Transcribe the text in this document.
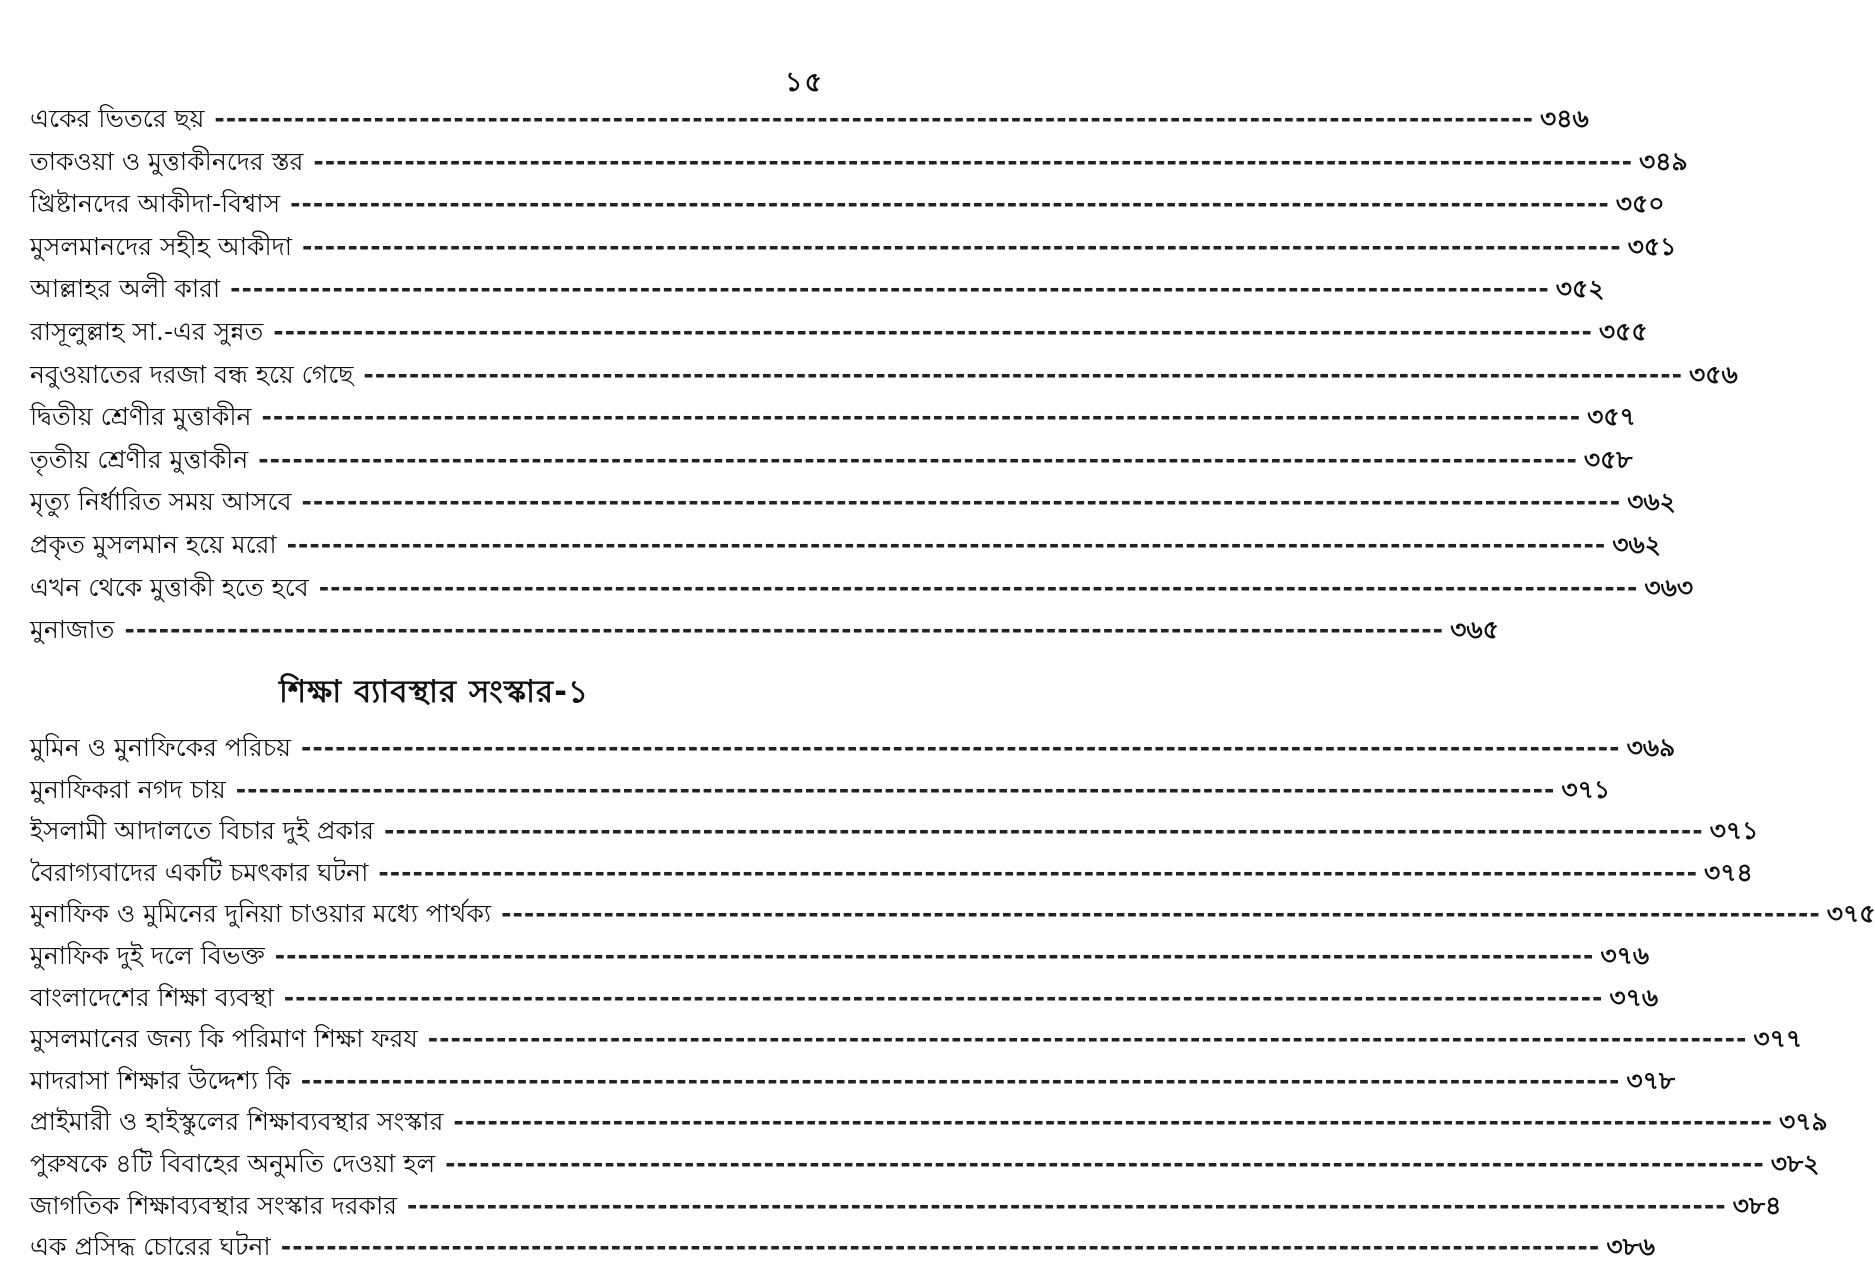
১৫
একের ভিতরে ছয় -------------------------------------------------------------------------------------------------------------------- ৩৪৬
তাকওয়া ও মুত্তাকীনদের স্তর -------------------------------------------------------------------------------------------------------------------- ৩৪৯
খ্রিষ্টানদের আকীদা-বিশ্বাস -------------------------------------------------------------------------------------------------------------------- ৩৫০
মুসলমানদের সহীহ আকীদা -------------------------------------------------------------------------------------------------------------------- ৩৫১
আল্লাহর অলী কারা -------------------------------------------------------------------------------------------------------------------- ৩৫২
রাসূলুল্লাহ সা.-এর সুন্নত -------------------------------------------------------------------------------------------------------------------- ৩৫৫
নবুওয়াতের দরজা বন্ধ হয়ে গেছে -------------------------------------------------------------------------------------------------------------------- ৩৫৬
দ্বিতীয় শ্রেণীর মুত্তাকীন -------------------------------------------------------------------------------------------------------------------- ৩৫৭
তৃতীয় শ্রেণীর মুত্তাকীন -------------------------------------------------------------------------------------------------------------------- ৩৫৮
মৃত্যু নির্ধারিত সময় আসবে -------------------------------------------------------------------------------------------------------------------- ৩৬২
প্রকৃত মুসলমান হয়ে মরো -------------------------------------------------------------------------------------------------------------------- ৩৬২
এখন থেকে মুত্তাকী হতে হবে -------------------------------------------------------------------------------------------------------------------- ৩৬৩
মুনাজাত -------------------------------------------------------------------------------------------------------------------- ৩৬৫
শিক্ষা ব্যাবস্থার সংস্কার-১
মুমিন ও মুনাফিকের পরিচয় -------------------------------------------------------------------------------------------------------------------- ৩৬৯
মুনাফিকরা নগদ চায় -------------------------------------------------------------------------------------------------------------------- ৩৭১
ইসলামী আদালতে বিচার দুই প্রকার -------------------------------------------------------------------------------------------------------------------- ৩৭১
বৈরাগ্যবাদের একটি চমৎকার ঘটনা -------------------------------------------------------------------------------------------------------------------- ৩৭৪
মুনাফিক ও মুমিনের দুনিয়া চাওয়ার মধ্যে পার্থক্য -------------------------------------------------------------------------------------------------------------------- ৩৭৫
মুনাফিক দুই দলে বিভক্ত -------------------------------------------------------------------------------------------------------------------- ৩৭৬
বাংলাদেশের শিক্ষা ব্যবস্থা -------------------------------------------------------------------------------------------------------------------- ৩৭৬
মুসলমানের জন্য কি পরিমাণ শিক্ষা ফরয -------------------------------------------------------------------------------------------------------------------- ৩৭৭
মাদরাসা শিক্ষার উদ্দেশ্য কি -------------------------------------------------------------------------------------------------------------------- ৩৭৮
প্রাইমারী ও হাইস্কুলের শিক্ষাব্যবস্থার সংস্কার -------------------------------------------------------------------------------------------------------------------- ৩৭৯
পুরুষকে ৪টি বিবাহের অনুমতি দেওয়া হল -------------------------------------------------------------------------------------------------------------------- ৩৮২
জাগতিক শিক্ষাব্যবস্থার সংস্কার দরকার -------------------------------------------------------------------------------------------------------------------- ৩৮৪
এক প্রসিদ্ধ চোরের ঘটনা -------------------------------------------------------------------------------------------------------------------- ৩৮৬
